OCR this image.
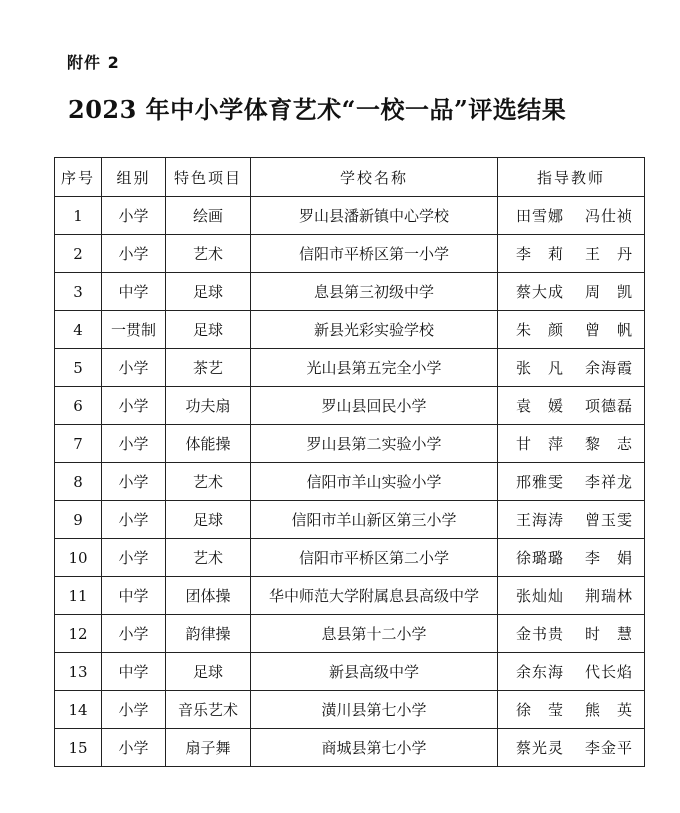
附件 2
2023 年中小学体育艺术“一校一品”评选结果
序号	组别	特色项目	学校名称	指导教师
1	小学	绘画	罗山县潘新镇中心学校	田雪娜 冯仕祯
2	小学	艺术	信阳市平桥区第一小学	李　莉 王　丹
3	中学	足球	息县第三初级中学	蔡大成 周　凯
4	一贯制	足球	新县光彩实验学校	朱　颜 曾　帆
5	小学	茶艺	光山县第五完全小学	张　凡 余海霞
6	小学	功夫扇	罗山县回民小学	袁　媛 项德磊
7	小学	体能操	罗山县第二实验小学	甘　萍 黎　志
8	小学	艺术	信阳市羊山实验小学	邢雅雯 李祥龙
9	小学	足球	信阳市羊山新区第三小学	王海涛 曾玉雯
10	小学	艺术	信阳市平桥区第二小学	徐璐璐 李　娟
11	中学	团体操	华中师范大学附属息县高级中学	张灿灿 荆瑞林
12	小学	韵律操	息县第十二小学	金书贵 时　慧
13	中学	足球	新县高级中学	余东海 代长焰
14	小学	音乐艺术	潢川县第七小学	徐　莹 熊　英
15	小学	扇子舞	商城县第七小学	蔡光灵 李金平
